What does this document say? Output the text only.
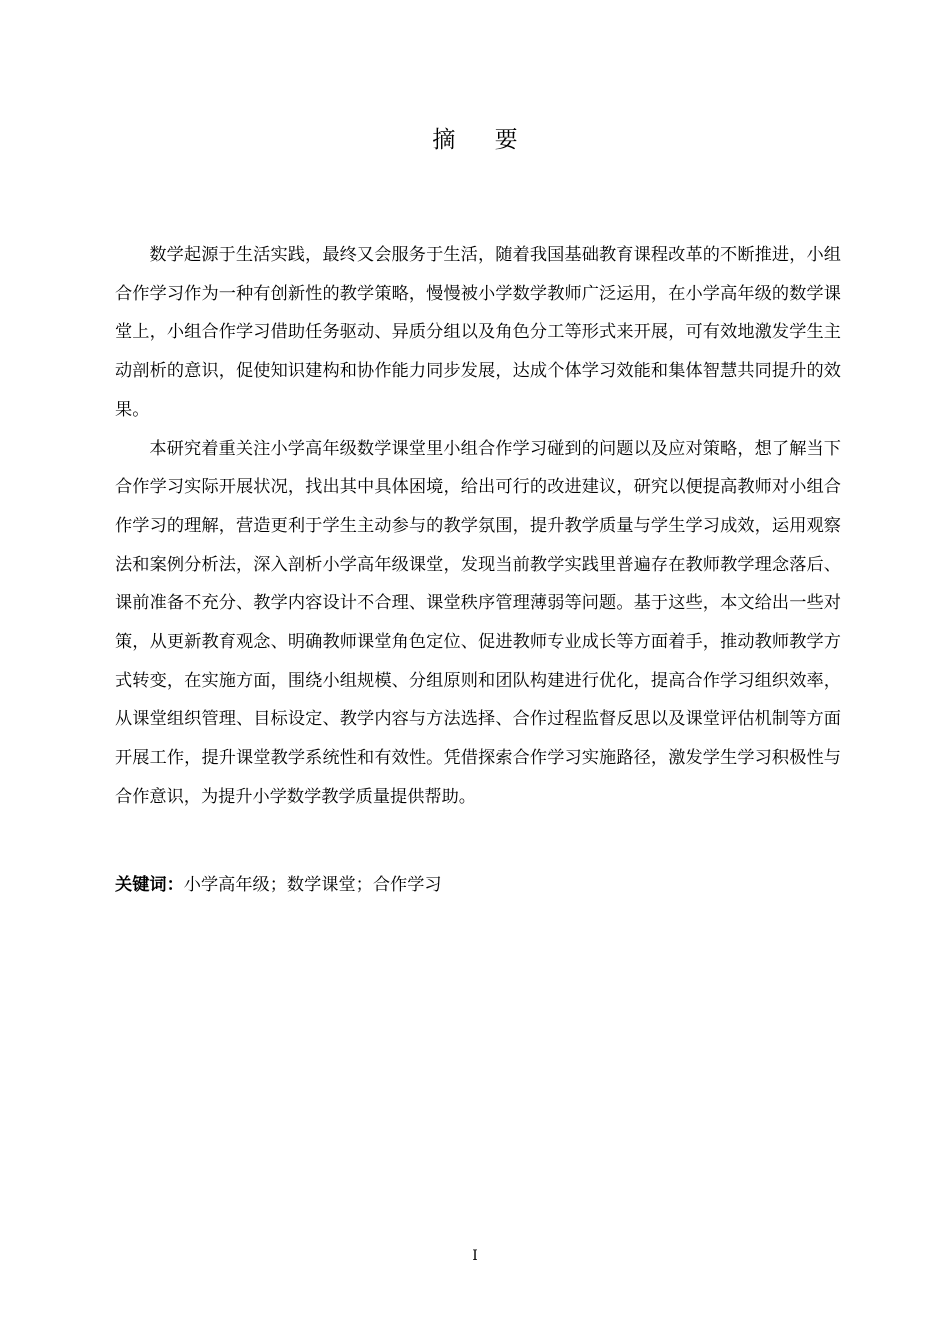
摘 要

数学起源于生活实践，最终又会服务于生活，随着我国基础教育课程改革的不断推进，小组合作学习作为一种有创新性的教学策略，慢慢被小学数学教师广泛运用，在小学高年级的数学课堂上，小组合作学习借助任务驱动、异质分组以及角色分工等形式来开展，可有效地激发学生主动剖析的意识，促使知识建构和协作能力同步发展，达成个体学习效能和集体智慧共同提升的效果。

本研究着重关注小学高年级数学课堂里小组合作学习碰到的问题以及应对策略，想了解当下合作学习实际开展状况，找出其中具体困境，给出可行的改进建议，研究以便提高教师对小组合作学习的理解，营造更利于学生主动参与的教学氛围，提升教学质量与学生学习成效，运用观察法和案例分析法，深入剖析小学高年级课堂，发现当前教学实践里普遍存在教师教学理念落后、课前准备不充分、教学内容设计不合理、课堂秩序管理薄弱等问题。基于这些，本文给出一些对策，从更新教育观念、明确教师课堂角色定位、促进教师专业成长等方面着手，推动教师教学方式转变，在实施方面，围绕小组规模、分组原则和团队构建进行优化，提高合作学习组织效率，从课堂组织管理、目标设定、教学内容与方法选择、合作过程监督反思以及课堂评估机制等方面开展工作，提升课堂教学系统性和有效性。凭借探索合作学习实施路径，激发学生学习积极性与合作意识，为提升小学数学教学质量提供帮助。

关键词：小学高年级；数学课堂；合作学习
I
